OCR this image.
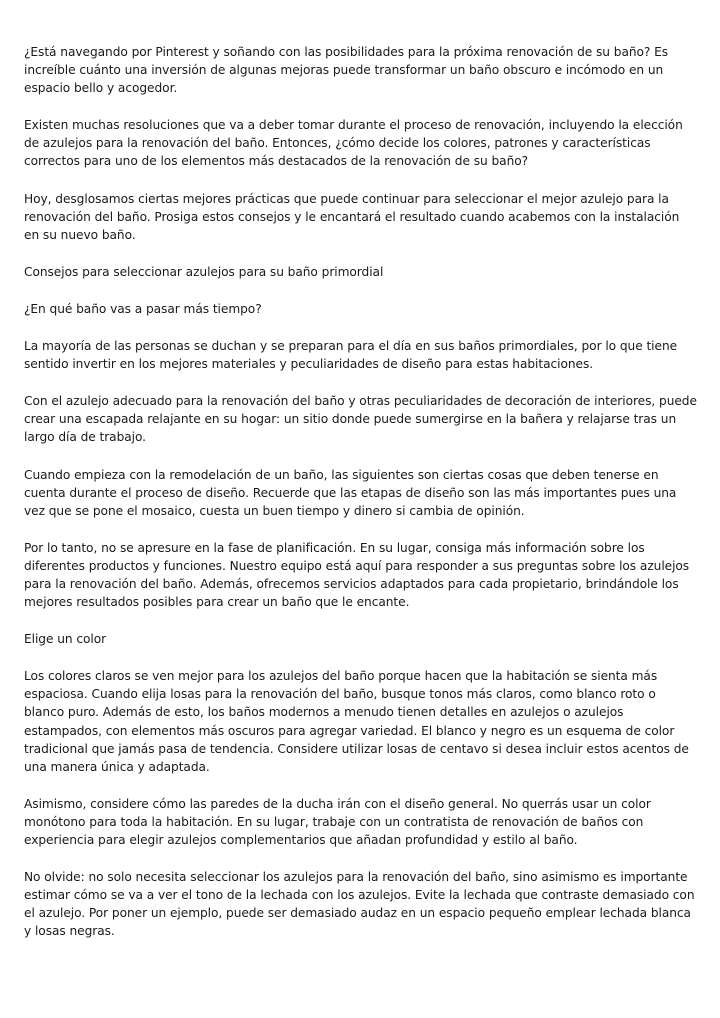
¿Está navegando por Pinterest y soñando con las posibilidades para la próxima renovación de su baño? Es increíble cuánto una inversión de algunas mejoras puede transformar un baño obscuro e incómodo en un espacio bello y acogedor.

Existen muchas resoluciones que va a deber tomar durante el proceso de renovación, incluyendo la elección de azulejos para la renovación del baño. Entonces, ¿cómo decide los colores, patrones y características correctos para uno de los elementos más destacados de la renovación de su baño?

Hoy, desglosamos ciertas mejores prácticas que puede continuar para seleccionar el mejor azulejo para la renovación del baño. Prosiga estos consejos y le encantará el resultado cuando acabemos con la instalación en su nuevo baño.

Consejos para seleccionar azulejos para su baño primordial

¿En qué baño vas a pasar más tiempo?

La mayoría de las personas se duchan y se preparan para el día en sus baños primordiales, por lo que tiene sentido invertir en los mejores materiales y peculiaridades de diseño para estas habitaciones.

Con el azulejo adecuado para la renovación del baño y otras peculiaridades de decoración de interiores, puede crear una escapada relajante en su hogar: un sitio donde puede sumergirse en la bañera y relajarse tras un largo día de trabajo.

Cuando empieza con la remodelación de un baño, las siguientes son ciertas cosas que deben tenerse en cuenta durante el proceso de diseño. Recuerde que las etapas de diseño son las más importantes pues una vez que se pone el mosaico, cuesta un buen tiempo y dinero si cambia de opinión.

Por lo tanto, no se apresure en la fase de planificación. En su lugar, consiga más información sobre los diferentes productos y funciones. Nuestro equipo está aquí para responder a sus preguntas sobre los azulejos para la renovación del baño. Además, ofrecemos servicios adaptados para cada propietario, brindándole los mejores resultados posibles para crear un baño que le encante.

Elige un color

Los colores claros se ven mejor para los azulejos del baño porque hacen que la habitación se sienta más espaciosa. Cuando elija losas para la renovación del baño, busque tonos más claros, como blanco roto o blanco puro. Además de esto, los baños modernos a menudo tienen detalles en azulejos o azulejos estampados, con elementos más oscuros para agregar variedad. El blanco y negro es un esquema de color tradicional que jamás pasa de tendencia. Considere utilizar losas de centavo si desea incluir estos acentos de una manera única y adaptada.

Asimismo, considere cómo las paredes de la ducha irán con el diseño general. No querrás usar un color monótono para toda la habitación. En su lugar, trabaje con un contratista de renovación de baños con experiencia para elegir azulejos complementarios que añadan profundidad y estilo al baño.

No olvide: no solo necesita seleccionar los azulejos para la renovación del baño, sino asimismo es importante estimar cómo se va a ver el tono de la lechada con los azulejos. Evite la lechada que contraste demasiado con el azulejo. Por poner un ejemplo, puede ser demasiado audaz en un espacio pequeño emplear lechada blanca y losas negras.
